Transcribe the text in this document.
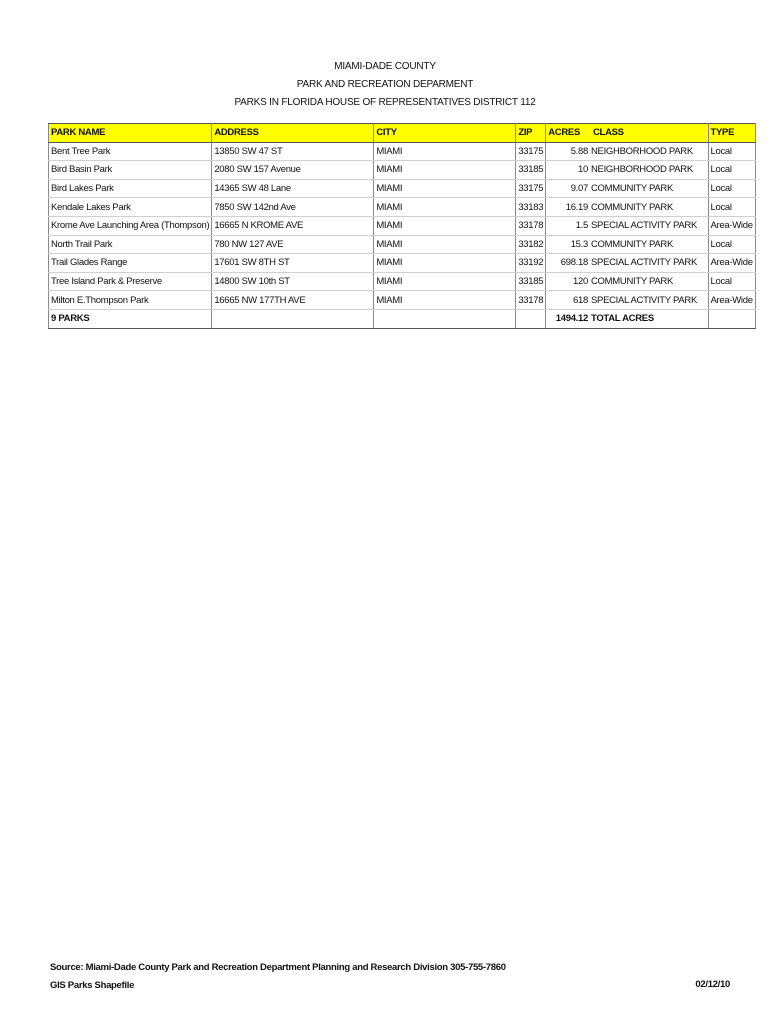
MIAMI-DADE COUNTY
PARK AND RECREATION DEPARMENT
PARKS IN FLORIDA HOUSE OF REPRESENTATIVES DISTRICT 112
PARK NAME	ADDRESS	CITY	ZIP	ACRES	CLASS	TYPE
Bent Tree Park	13850 SW 47 ST	MIAMI	33175	5.88	NEIGHBORHOOD PARK	Local
Bird Basin Park	2080 SW 157 Avenue	MIAMI	33185	10	NEIGHBORHOOD PARK	Local
Bird Lakes Park	14365 SW 48 Lane	MIAMI	33175	9.07	COMMUNITY PARK	Local
Kendale Lakes Park	7850 SW 142nd Ave	MIAMI	33183	16.19	COMMUNITY PARK	Local
Krome Ave Launching Area (Thompson)	16665 N KROME AVE	MIAMI	33178	1.5	SPECIAL ACTIVITY PARK	Area-Wide
North Trail Park	780 NW 127 AVE	MIAMI	33182	15.3	COMMUNITY PARK	Local
Trail Glades Range	17601 SW 8TH ST	MIAMI	33192	698.18	SPECIAL ACTIVITY PARK	Area-Wide
Tree Island Park & Preserve	14800 SW 10th ST	MIAMI	33185	120	COMMUNITY PARK	Local
Milton E.Thompson Park	16665 NW 177TH AVE	MIAMI	33178	618	SPECIAL ACTIVITY PARK	Area-Wide
9 PARKS				1494.12	TOTAL ACRES	
Source: Miami-Dade County Park and Recreation Department Planning and Research Division 305-755-7860
GIS Parks Shapefile	02/12/10
